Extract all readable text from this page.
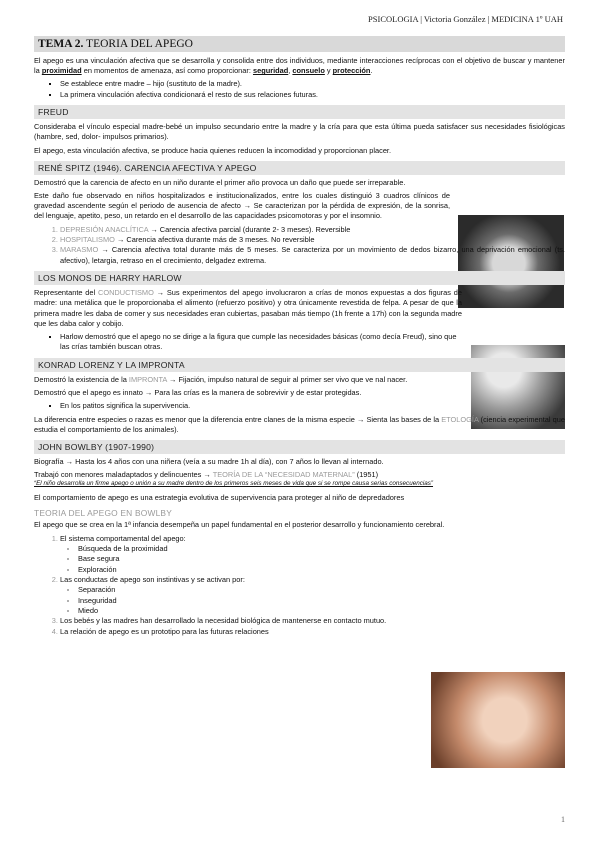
PSICOLOGIA | Victoria González | MEDICINA 1º UAH
TEMA 2. TEORIA DEL APEGO

El apego es una vinculación afectiva que se desarrolla y consolida entre dos individuos, mediante interacciones recíprocas con el objetivo de buscar y mantener la proximidad en momentos de amenaza, así como proporcionar: seguridad, consuelo y protección.

▪ Se establece entre madre – hijo (sustituto de la madre).
▪ La primera vinculación afectiva condicionará el resto de sus relaciones futuras.
FREUD

Consideraba el vínculo especial madre-bebé un impulso secundario entre la madre y la cría para que esta última pueda satisfacer sus necesidades fisiológicas (hambre, sed, dolor- impulsos primarios).

El apego, esta vinculación afectiva, se produce hacia quienes reducen la incomodidad y proporcionan placer.

RENÉ SPITZ (1946). CARENCIA AFECTIVA Y APEGO

Demostró que la carencia de afecto en un niño durante el primer año provoca un daño que puede ser irreparable.

Este daño fue observado en niños hospitalizados e institucionalizados, entre los cuales distinguió 3 cuadros clínicos de gravedad ascendente según el periodo de ausencia de afecto → Se caracterizan por la pérdida de expresión, de la sonrisa, del lenguaje, apetito, peso, un retardo en el desarrollo de las capacidades psicomotoras y por el insomnio.

1. DEPRESIÓN ANACLÍTICA → Carencia afectiva parcial (durante 2- 3 meses). Reversible
2. HOSPITALISMO → Carencia afectiva durante más de 3 meses. No reversible
3. MARASMO → Carencia afectiva total durante más de 5 meses. Se caracteriza por un movimiento de dedos bizarro, una deprivación emocional (ts. afectivo), letargia, retraso en el crecimiento, delgadez extrema.
LOS MONOS DE HARRY HARLOW

Representante del CONDUCTISMO → Sus experimentos del apego involucraron a crías de monos expuestas a dos figuras de madre: una metálica que le proporcionaba el alimento (refuerzo positivo) y otra únicamente revestida de felpa. A pesar de que la primera madre les daba de comer y sus necesidades eran cubiertas, pasaban más tiempo (1h frente a 17h) con la segunda madre que les daba calor y cobijo.

▪ Harlow demostró que el apego no se dirige a la figura que cumple las necesidades básicas (como decía Freud), sino que las crías también buscan otras.
KONRAD LORENZ Y LA IMPRONTA

Demostró la existencia de la IMPRONTA → Fijación, impulso natural de seguir al primer ser vivo que ve nal nacer.

Demostró que el apego es innato → Para las crías es la manera de sobrevivir y de estar protegidas.

▪ En los patitos significa la supervivencia.

La diferencia entre especies o razas es menor que la diferencia entre clanes de la misma especie → Sienta las bases de la ETOLOGÍA (ciencia experimental que estudia el comportamiento de los animales).

JOHN BOWLBY (1907-1990)

Biografía → Hasta los 4 años con una niñera (veía a su madre 1h al día), con 7 años lo llevan al internado.

Trabajó con menores maladaptados y delincuentes → TEORÍA DE LA “NECESIDAD MATERNAL” (1951)

“El niño desarrolla un firme apego o unión a su madre dentro de los primeros seis meses de vida que si se rompe causa serias consecuencias”

El comportamiento de apego es una estrategia evolutiva de supervivencia para proteger al niño de depredadores

TEORIA DEL APEGO EN BOWLBY

El apego que se crea en la 1ª infancia desempeña un papel fundamental en el posterior desarrollo y funcionamiento cerebral.

1. El sistema comportamental del apego:
• Búsqueda de la proximidad
• Base segura
• Exploración
2. Las conductas de apego son instintivas y se activan por:
• Separación
• Inseguridad
• Miedo
3. Los bebés y las madres han desarrollado la necesidad biológica de mantenerse en contacto mutuo.
4. La relación de apego es un prototipo para las futuras relaciones
1
